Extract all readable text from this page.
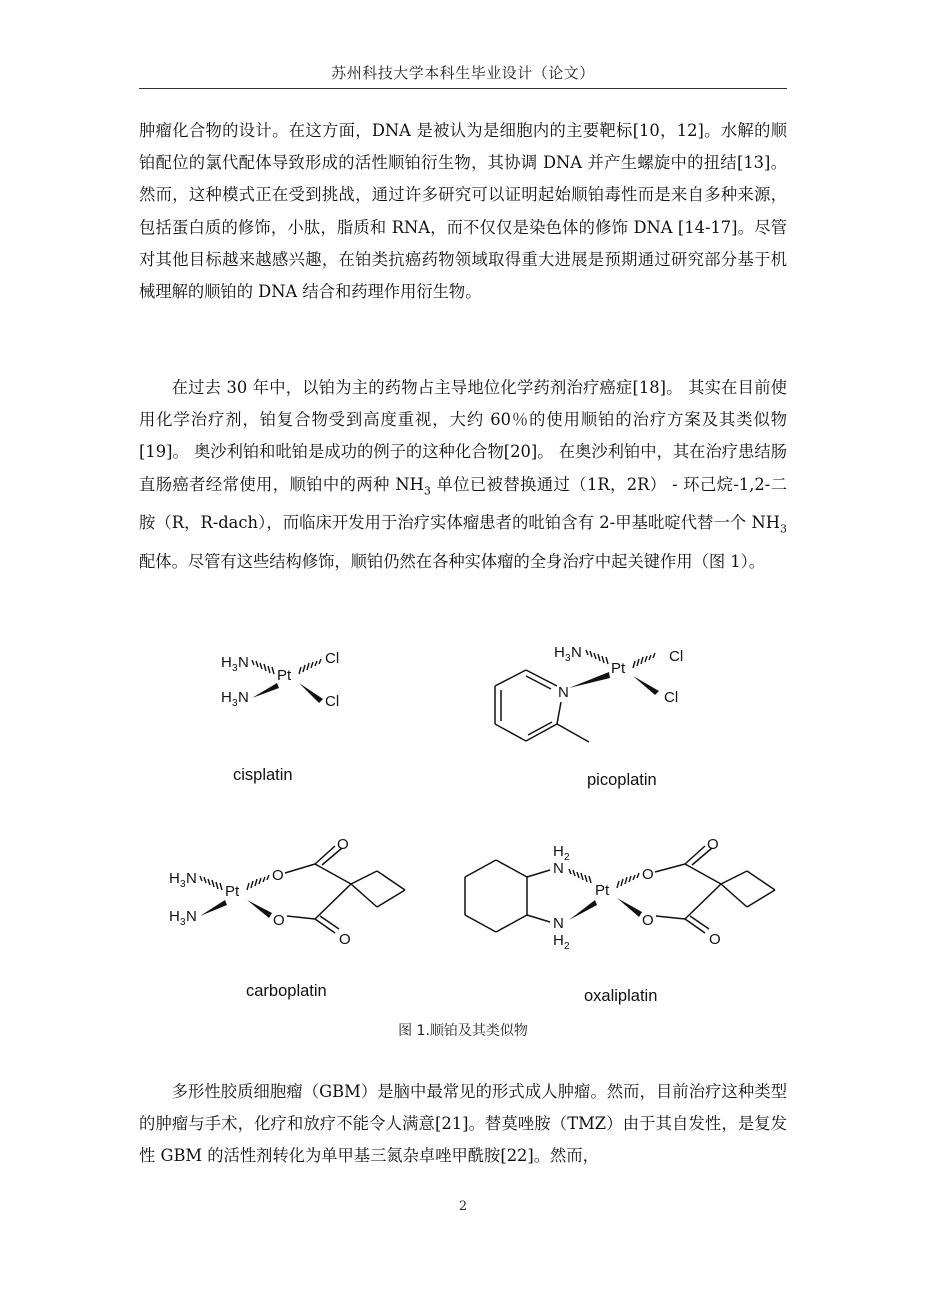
苏州科技大学本科生毕业设计（论文）

肿瘤化合物的设计。在这方面，DNA 是被认为是细胞内的主要靶标[10，12]。水解的顺铂配位的氯代配体导致形成的活性顺铂衍生物，其协调 DNA 并产生螺旋中的扭结[13]。然而，这种模式正在受到挑战，通过许多研究可以证明起始顺铂毒性而是来自多种来源，包括蛋白质的修饰，小肽，脂质和 RNA，而不仅仅是染色体的修饰 DNA [14-17]。尽管对其他目标越来越感兴趣，在铂类抗癌药物领域取得重大进展是预期通过研究部分基于机械理解的顺铂的 DNA 结合和药理作用衍生物。

在过去 30 年中，以铂为主的药物占主导地位化学药剂治疗癌症[18]。 其实在目前使用化学治疗剂，铂复合物受到高度重视，大约 60％的使用顺铂的治疗方案及其类似物[19]。 奥沙利铂和吡铂是成功的例子的这种化合物[20]。 在奥沙利铂中，其在治疗患结肠直肠癌者经常使用，顺铂中的两种 $NH_3$ 单位已被替换通过（1R，2R） - 环己烷-1,2-二胺（R，R-dach），而临床开发用于治疗实体瘤患者的吡铂含有 2-甲基吡啶代替一个 $NH_3$配体。尽管有这些结构修饰，顺铂仍然在各种实体瘤的全身治疗中起关键作用（图 1）。

H 3 N
Pt
Cl
H 3 N	Cl
cisplatin
H 3 N
Pt
Cl
Cl
N
picoplatin
H 3 N
Pt
O
H 3 N	O
O
O
carboplatin
H 2
N
Pt
O
N
H 2
O
O
O
oxaliplatin
图 1.顺铂及其类似物

多形性胶质细胞瘤（GBM）是脑中最常见的形式成人肿瘤。然而，目前治疗这种类型的肿瘤与手术，化疗和放疗不能令人满意[21]。替莫唑胺（TMZ）由于其自发性，是复发性 GBM 的活性剂转化为单甲基三氮杂卓唑甲酰胺[22]。然而，

2
